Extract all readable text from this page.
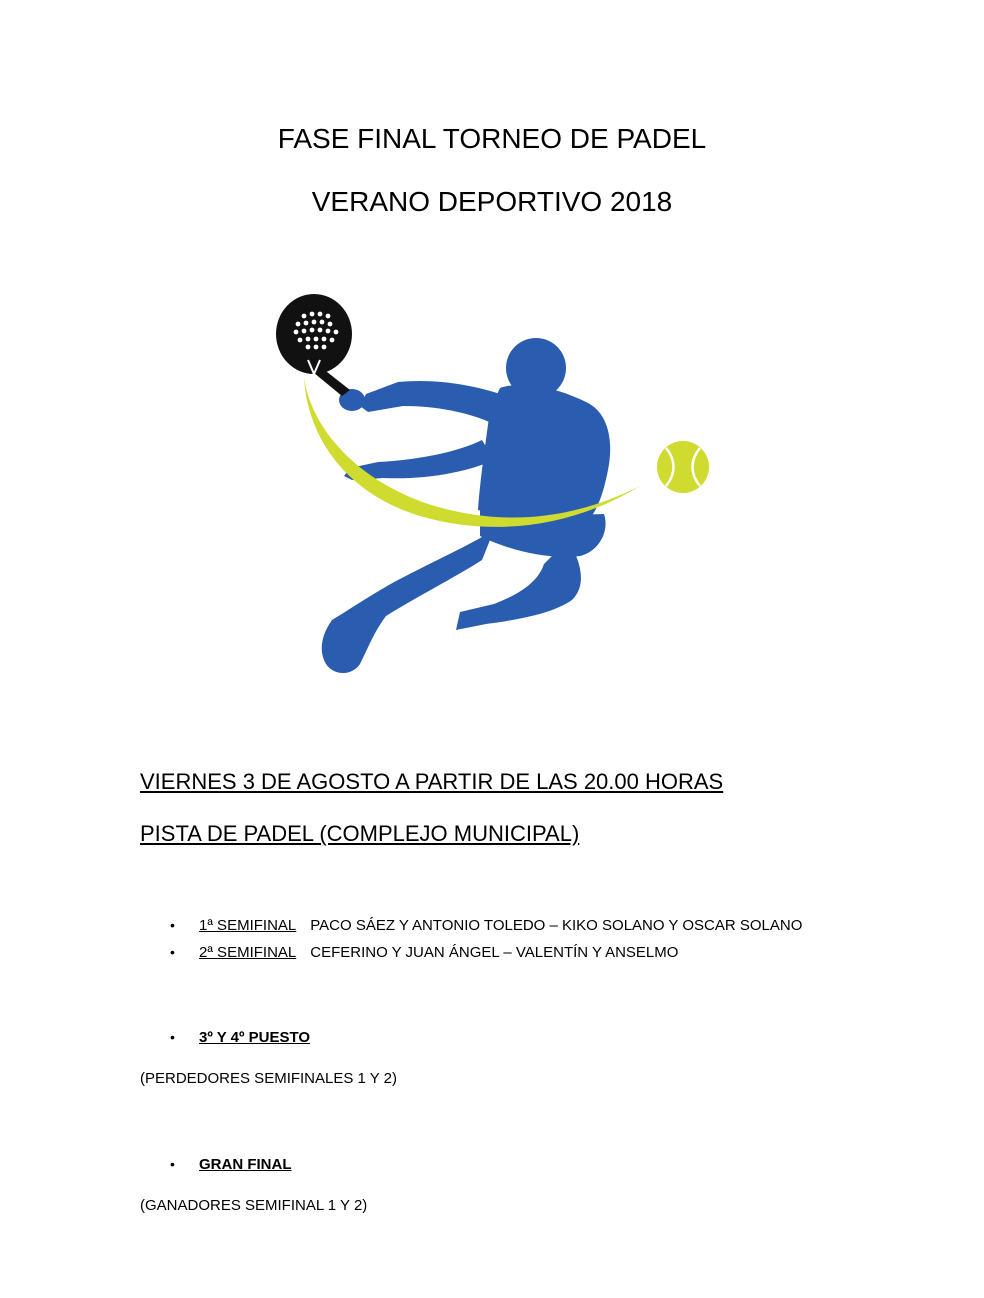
FASE FINAL TORNEO DE PADEL
VERANO DEPORTIVO 2018
VIERNES 3 DE AGOSTO A PARTIR DE LAS 20.00 HORAS
PISTA DE PADEL (COMPLEJO MUNICIPAL)
• 1ª SEMIFINAL PACO SÁEZ Y ANTONIO TOLEDO – KIKO SOLANO Y OSCAR SOLANO
• 2ª SEMIFINAL CEFERINO Y JUAN ÁNGEL – VALENTÍN Y ANSELMO
• 3º Y 4º PUESTO
(PERDEDORES SEMIFINALES 1 Y 2)
• GRAN FINAL
(GANADORES SEMIFINAL 1 Y 2)
